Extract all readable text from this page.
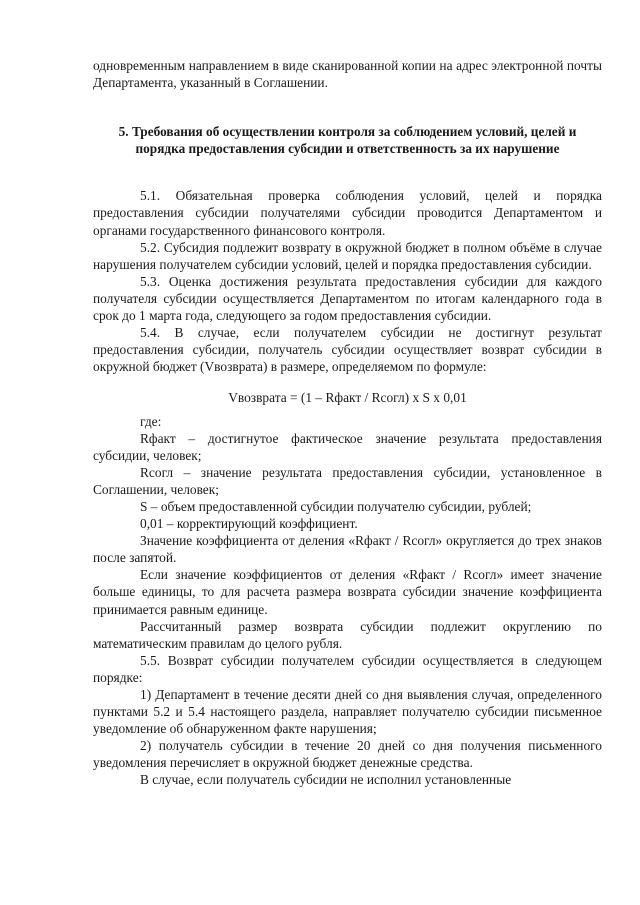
одновременным направлением в виде сканированной копии на адрес электронной почты Департамента, указанный в Соглашении.

5. Требования об осуществлении контроля за соблюдением условий, целей и порядка предоставления субсидии и ответственность за их нарушение

5.1. Обязательная проверка соблюдения условий, целей и порядка предоставления субсидии получателями субсидии проводится Департаментом и органами государственного финансового контроля.

5.2. Субсидия подлежит возврату в окружной бюджет в полном объёме в случае нарушения получателем субсидии условий, целей и порядка предоставления субсидии.

5.3. Оценка достижения результата предоставления субсидии для каждого получателя субсидии осуществляется Департаментом по итогам календарного года в срок до 1 марта года, следующего за годом предоставления субсидии.

5.4. В случае, если получателем субсидии не достигнут результат предоставления субсидии, получатель субсидии осуществляет возврат субсидии в окружной бюджет (Vвозврата) в размере, определяемом по формуле:

Vвозврата = (1 – Rфакт / Rсогл) x S x 0,01

где:

Rфакт – достигнутое фактическое значение результата предоставления субсидии, человек;

Rсогл – значение результата предоставления субсидии, установленное в Соглашении, человек;

S – объем предоставленной субсидии получателю субсидии, рублей;

0,01 – корректирующий коэффициент.

Значение коэффициента от деления «Rфакт / Rсогл» округляется до трех знаков после запятой.

Если значение коэффициентов от деления «Rфакт / Rсогл» имеет значение больше единицы, то для расчета размера возврата субсидии значение коэффициента принимается равным единице.

Рассчитанный размер возврата субсидии подлежит округлению по математическим правилам до целого рубля.

5.5. Возврат субсидии получателем субсидии осуществляется в следующем порядке:

1) Департамент в течение десяти дней со дня выявления случая, определенного пунктами 5.2 и 5.4 настоящего раздела, направляет получателю субсидии письменное уведомление об обнаруженном факте нарушения;

2) получатель субсидии в течение 20 дней со дня получения письменного уведомления перечисляет в окружной бюджет денежные средства.

В случае, если получатель субсидии не исполнил установленные
